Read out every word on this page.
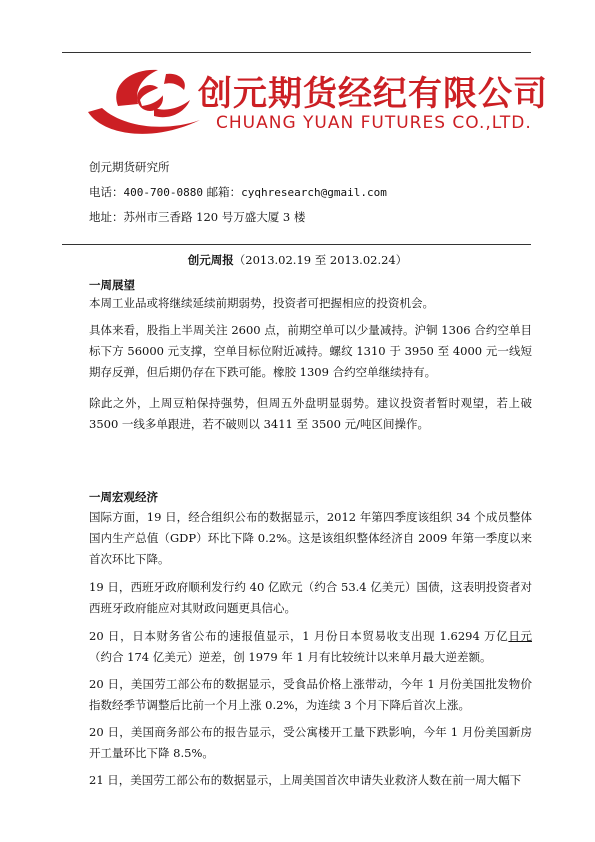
创元期货经纪有限公司
CHUANG YUAN FUTURES CO.,LTD.
创元期货研究所
电话：400-700-0880 邮箱：cyqhresearch@gmail.com
地址：苏州市三香路 120 号万盛大厦 3 楼
创元周报（2013.02.19 至 2013.02.24）
一周展望
本周工业品或将继续延续前期弱势，投资者可把握相应的投资机会。
具体来看，股指上半周关注 2600 点，前期空单可以少量减持。沪铜 1306 合约空单目标下方 56000 元支撑，空单目标位附近减持。螺纹 1310 于 3950 至 4000 元一线短期存反弹，但后期仍存在下跌可能。橡胶 1309 合约空单继续持有。
除此之外，上周豆粕保持强势，但周五外盘明显弱势。建议投资者暂时观望，若上破 3500 一线多单跟进，若不破则以 3411 至 3500 元/吨区间操作。
一周宏观经济
国际方面，19 日，经合组织公布的数据显示，2012 年第四季度该组织 34 个成员整体国内生产总值（GDP）环比下降 0.2%。这是该组织整体经济自 2009 年第一季度以来首次环比下降。
19 日，西班牙政府顺利发行约 40 亿欧元（约合 53.4 亿美元）国债，这表明投资者对西班牙政府能应对其财政问题更具信心。
20 日，日本财务省公布的速报值显示，1 月份日本贸易收支出现 1.6294 万亿日元（约合 174 亿美元）逆差，创 1979 年 1 月有比较统计以来单月最大逆差额。
20 日，美国劳工部公布的数据显示，受食品价格上涨带动，今年 1 月份美国批发物价指数经季节调整后比前一个月上涨 0.2%，为连续 3 个月下降后首次上涨。
20 日，美国商务部公布的报告显示，受公寓楼开工量下跌影响，今年 1 月份美国新房开工量环比下降 8.5%。
21 日，美国劳工部公布的数据显示，上周美国首次申请失业救济人数在前一周大幅下
